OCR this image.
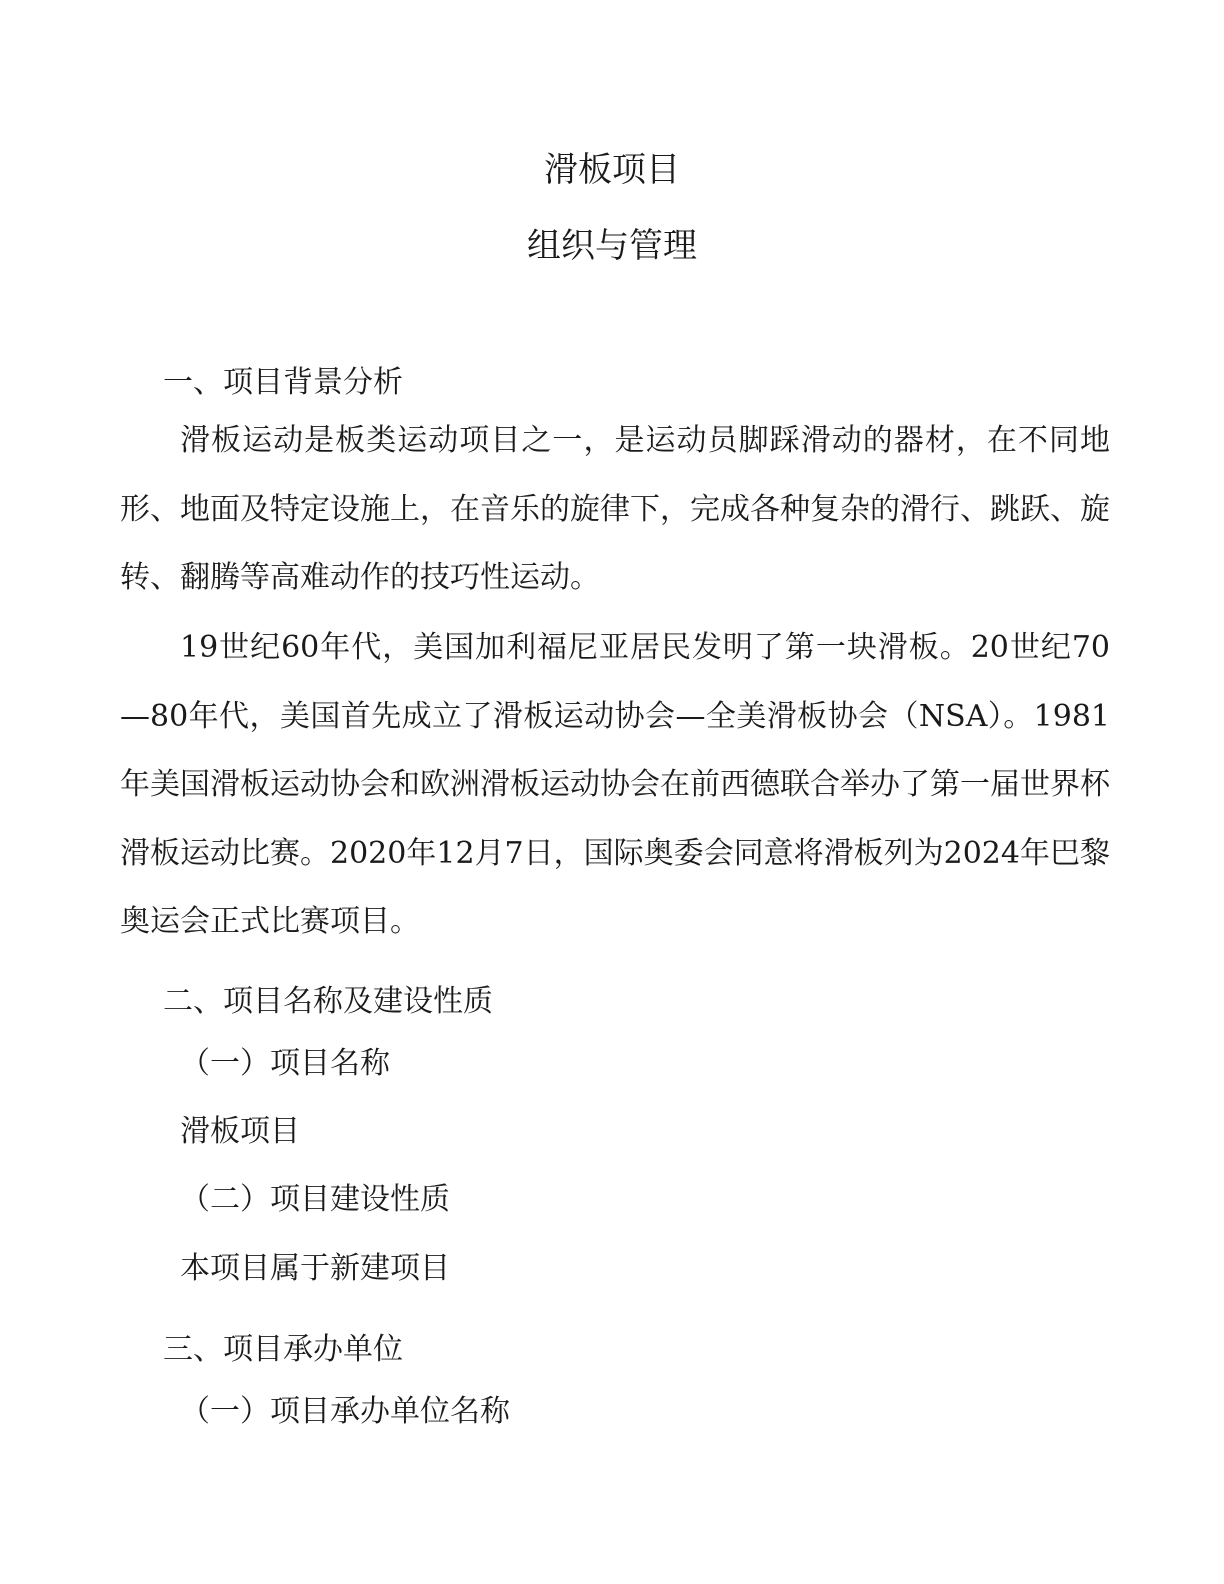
滑板项目
组织与管理
一、项目背景分析

滑板运动是板类运动项目之一，是运动员脚踩滑动的器材，在不同地形、地面及特定设施上，在音乐的旋律下，完成各种复杂的滑行、跳跃、旋转、翻腾等高难动作的技巧性运动。

19世纪60年代，美国加利福尼亚居民发明了第一块滑板。20世纪70—80年代，美国首先成立了滑板运动协会—全美滑板协会（NSA）。1981年美国滑板运动协会和欧洲滑板运动协会在前西德联合举办了第一届世界杯滑板运动比赛。2020年12月7日，国际奥委会同意将滑板列为2024年巴黎奥运会正式比赛项目。

二、项目名称及建设性质
（一）项目名称

滑板项目

（二）项目建设性质

本项目属于新建项目

三、项目承办单位
（一）项目承办单位名称
